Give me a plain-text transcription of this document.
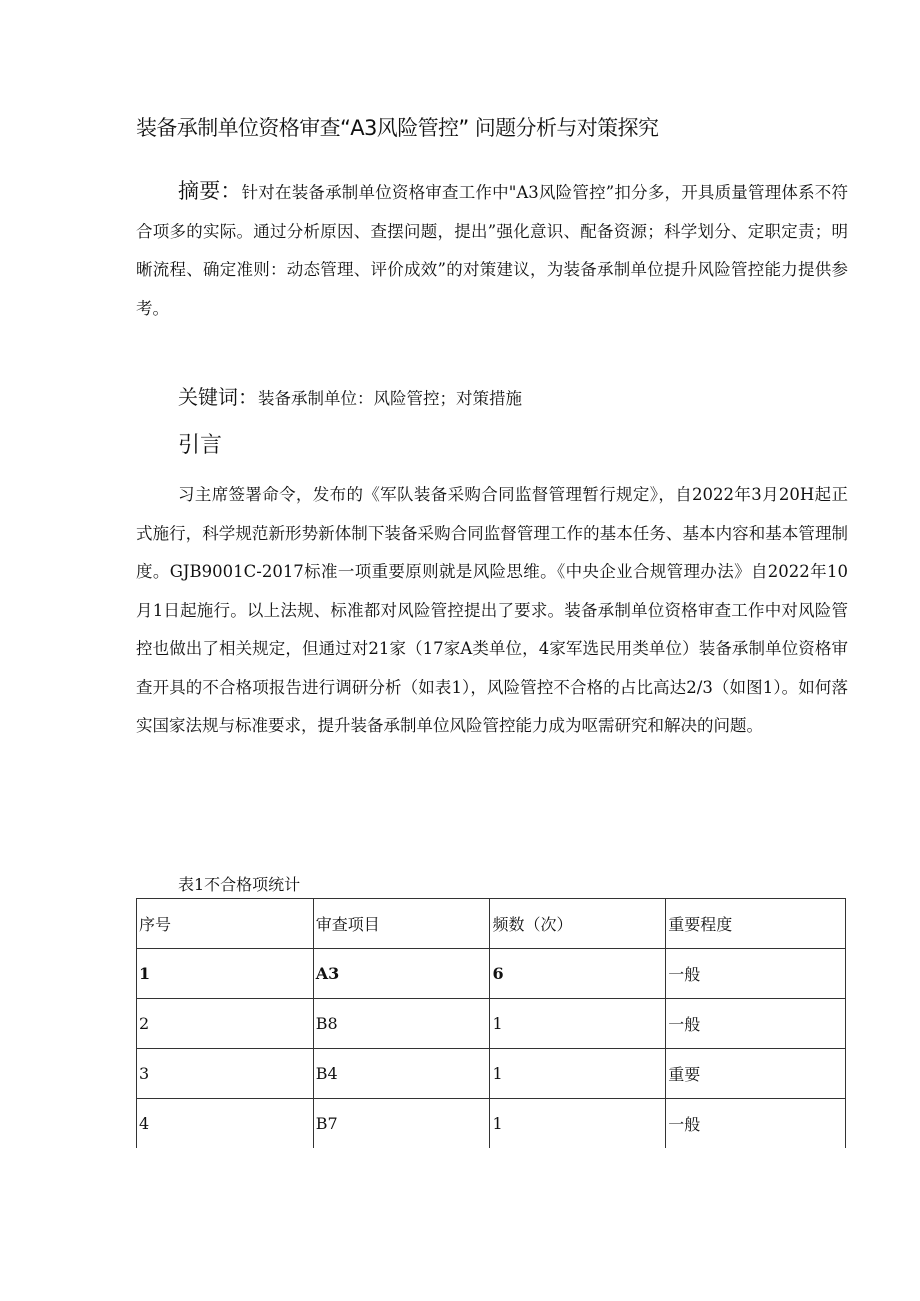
装备承制单位资格审查“A3风险管控” 问题分析与对策探究
摘要：针对在装备承制单位资格审查工作中"A3风险管控”扣分多，开具质量管理体系不符合项多的实际。通过分析原因、查摆问题，提出”强化意识、配备资源；科学划分、定职定责；明晰流程、确定准则：动态管理、评价成效”的对策建议，为装备承制单位提升风险管控能力提供参考。
关键词：装备承制单位：风险管控；对策措施
引言
习主席签署命令，发布的《军队装备采购合同监督管理暂行规定》，自2022年3月20H起正式施行，科学规范新形势新体制下装备采购合同监督管理工作的基本任务、基本内容和基本管理制度。GJB9001C-2017标准一项重要原则就是风险思维。《中央企业合规管理办法》自2022年10月1日起施行。以上法规、标准都对风险管控提出了要求。装备承制单位资格审查工作中对风险管控也做出了相关规定，但通过对21家（17家A类单位，4家军选民用类单位）装备承制单位资格审查开具的不合格项报告进行调研分析（如表1），风险管控不合格的占比高达2/3（如图1）。如何落实国家法规与标准要求，提升装备承制单位风险管控能力成为呕需研究和解决的问题。
表1不合格项统计
序号	审查项目	频数（次）	重要程度
1	A3	6	一般
2	B8	1	一般
3	B4	1	重要
4	B7	1	一般
